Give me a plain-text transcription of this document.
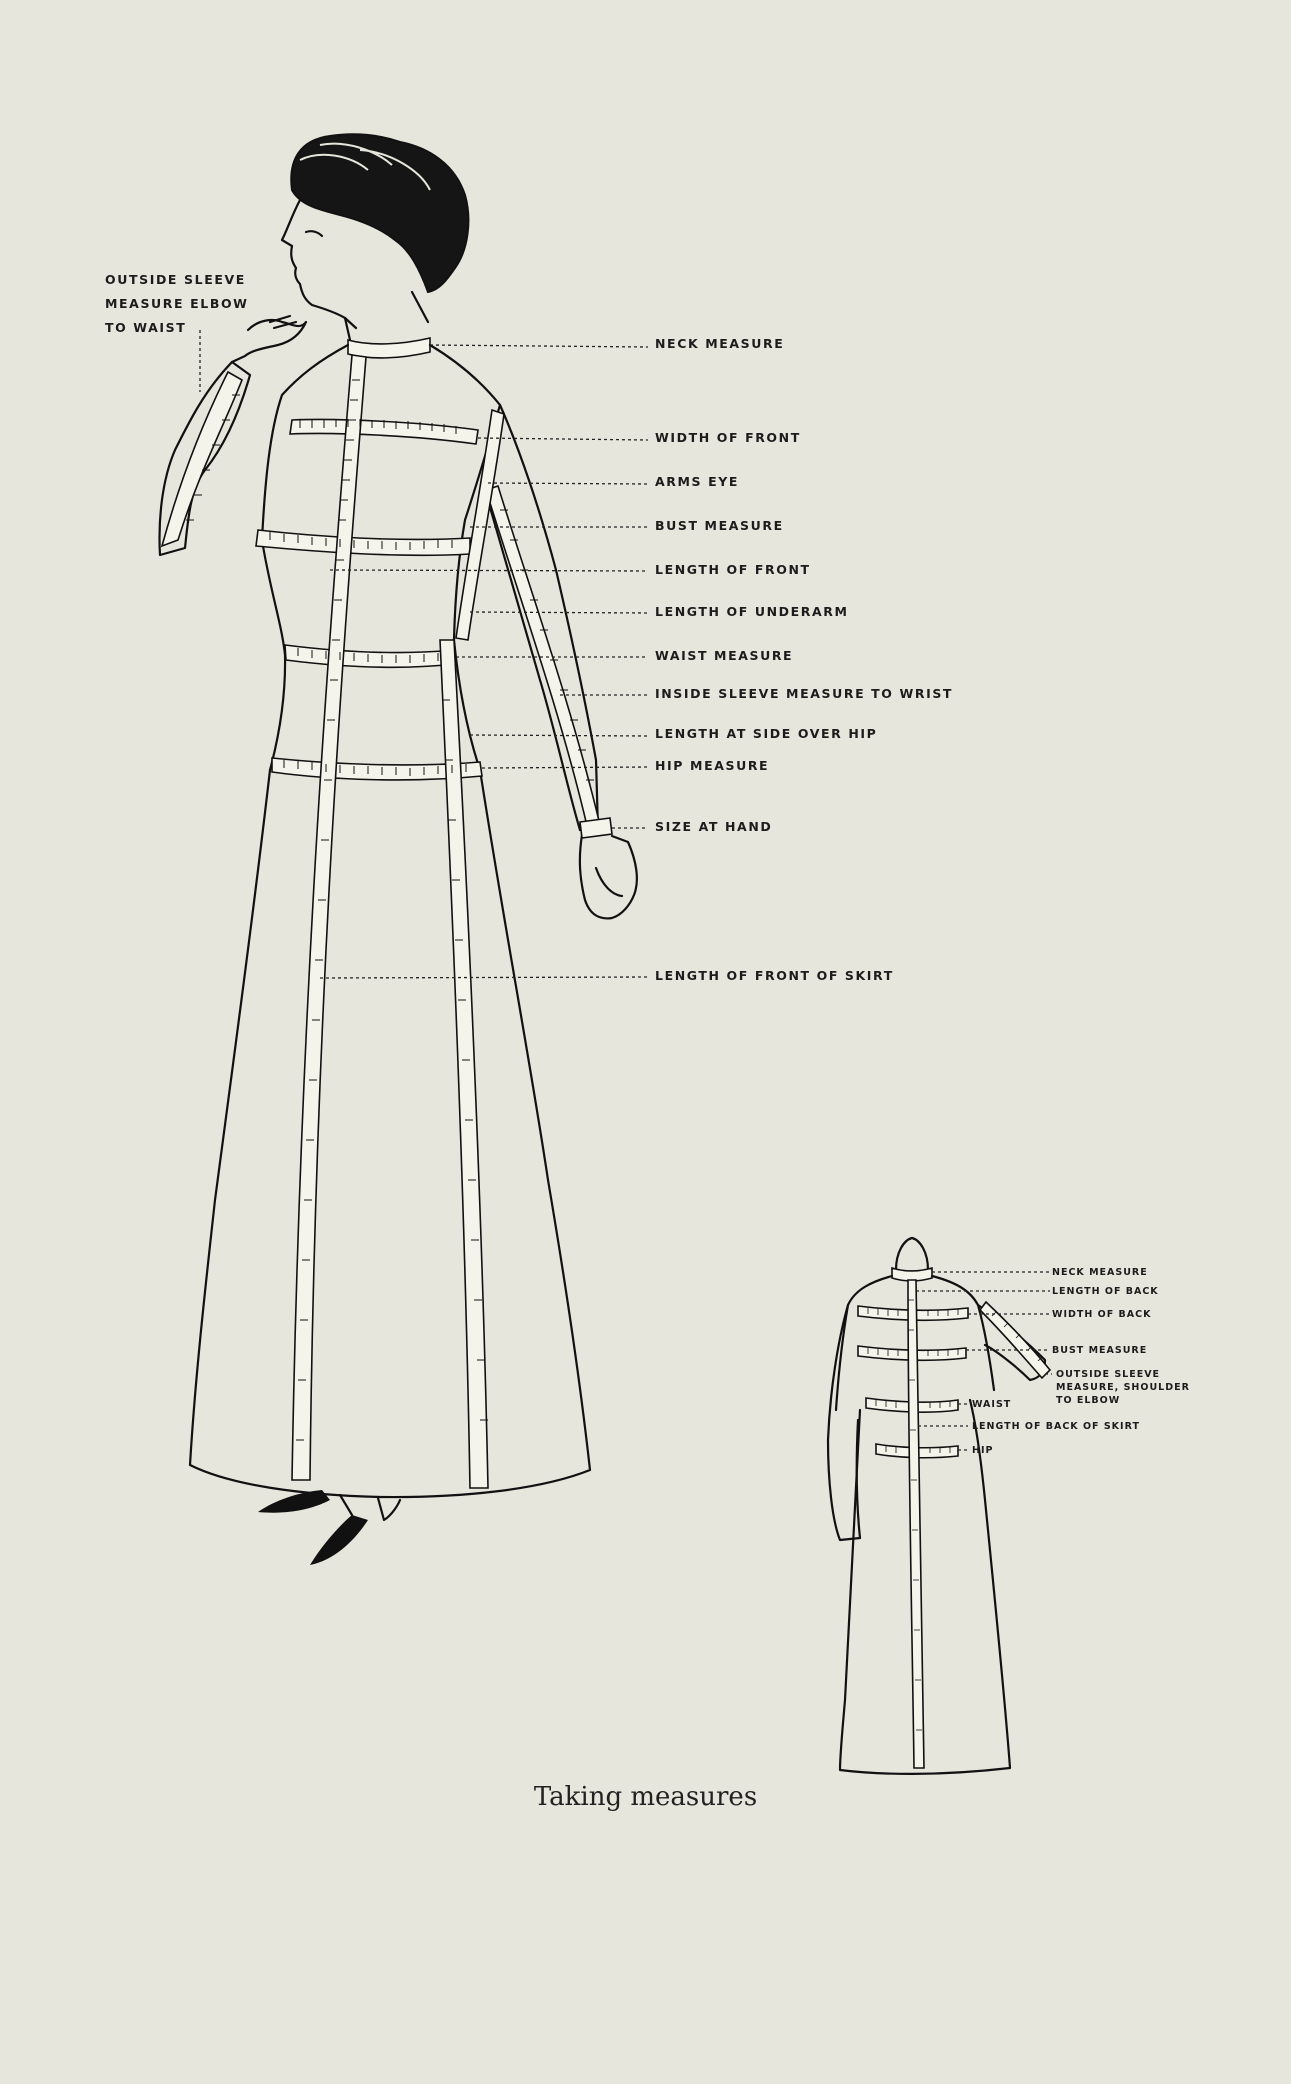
OUTSIDE SLEEVE
MEASURE ELBOW
TO WAIST
NECK MEASURE
WIDTH OF FRONT
ARMS EYE
BUST MEASURE
LENGTH OF FRONT
LENGTH OF UNDERARM
WAIST MEASURE
INSIDE SLEEVE MEASURE TO WRIST
LENGTH AT SIDE OVER HIP
HIP MEASURE
SIZE AT HAND
LENGTH OF FRONT OF SKIRT
NECK MEASURE
LENGTH OF BACK
WIDTH OF BACK
BUST MEASURE
OUTSIDE SLEEVE
MEASURE, SHOULDER
TO ELBOW
WAIST
LENGTH OF BACK OF SKIRT
HIP
Taking measures
